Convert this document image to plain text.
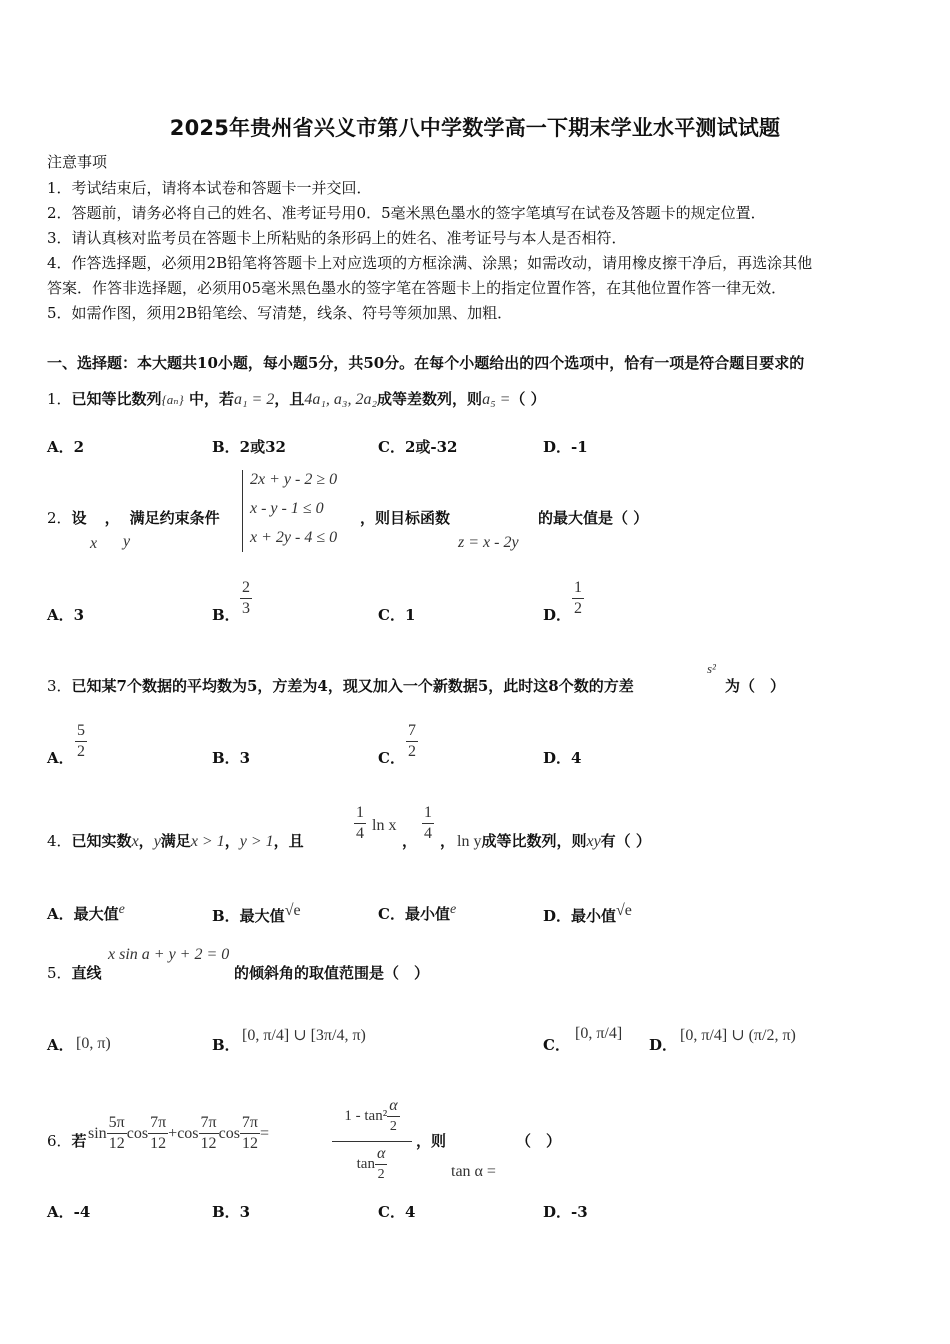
2025年贵州省兴义市第八中学数学高一下期末学业水平测试试题
注意事项
1．考试结束后，请将本试卷和答题卡一并交回．
2．答题前，请务必将自己的姓名、准考证号用0．5毫米黑色墨水的签字笔填写在试卷及答题卡的规定位置．
3．请认真核对监考员在答题卡上所粘贴的条形码上的姓名、准考证号与本人是否相符．
4．作答选择题，必须用2B铅笔将答题卡上对应选项的方框涂满、涂黑；如需改动，请用橡皮擦干净后，再选涂其他
答案．作答非选择题，必须用05毫米黑色墨水的签字笔在答题卡上的指定位置作答，在其他位置作答一律无效．
5．如需作图，须用2B铅笔绘、写清楚，线条、符号等须加黑、加粗．
一、选择题：本大题共10小题，每小题5分，共50分。在每个小题给出的四个选项中，恰有一项是符合题目要求的
1．已知等比数列{aₙ} 中，若a₁ = 2，且4a₁, a₃, 2a₂成等差数列，则a₅ =（ ）
A．2	B．2或32	C．2或-32	D．-1
2．设 ， 满足约束条件
x y
2x + y - 2 ≥ 0
x - y - 1 ≤ 0
x + 2y - 4 ≤ 0
，则目标函数	的最大值是（ ）
z = x - 2y
A．3	B． $\frac{2}{3}$	C．1	D． $\frac{1}{2}$
3．已知某7个数据的平均数为5，方差为4，现又加入一个新数据5，此时这8个数的方差
s²
为（　）
A． $\frac{5}{2}$	B．3	C． $\frac{7}{2}$	D．4
4．已知实数x，y满足x > 1，y > 1，且	$\frac{1}{4}$ ln x
， $\frac{1}{4}$ ， ln y成等比数列，则xy有（ ）
A．最大值e	B．最大值√e	C．最小值e	D．最小值√e
5．直线
x sin a + y + 2 = 0
的倾斜角的取值范围是（　）
A． [0, π)	B．
[0, π/4] ∪ [3π/4, π)
C．
[0, π/4]
D．
[0, π/4] ∪ (π/2, π)
6．若 $\sin \frac{5\pi}{12}$ $\cos \frac{7\pi}{12} +\cos \frac{7\pi}{12}$ $\cos \frac{7\pi}{12}$ =
$1 - \tan^2 \frac{\alpha}{2}$
$\tan \frac{\alpha}{2}$
，则	（　）
tan α =
A．-4	B．3	C．4	D．-3
